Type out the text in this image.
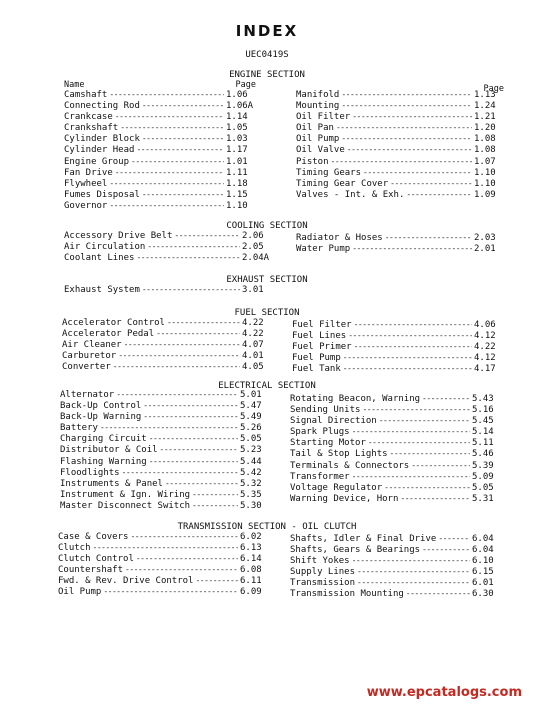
INDEX
UEC0419S
ENGINE SECTION
Name	Page
Camshaft -----	1.06
Connecting Rod -----	1.06A
Crankcase -----	1.14
Crankshaft -----	1.05
Cylinder Block -----	1.03
Cylinder Head -----	1.17
Engine Group -----	1.01
Fan Drive -----	1.11
Flywheel -----	1.18
Fumes Disposal -----	1.15
Governor -----	1.10
Page
Manifold -----	1.13
Mounting -----	1.24
Oil Filter -----	1.21
Oil Pan -----	1.20
Oil Pump -----	1.08
Oil Valve -----	1.08
Piston -----	1.07
Timing Gears -----	1.10
Timing Gear Cover -----	1.10
Valves - Int. & Exh. -----	1.09
COOLING SECTION
Accessory Drive Belt -----	2.06
Air Circulation -----	2.05
Coolant Lines -----	2.04A
Radiator & Hoses -----	2.03
Water Pump -----	2.01
EXHAUST SECTION
Exhaust System -----	3.01
FUEL SECTION
Accelerator Control -----	4.22
Accelerator Pedal -----	4.22
Air Cleaner -----	4.07
Carburetor -----	4.01
Converter -----	4.05
Fuel Filter -----	4.06
Fuel Lines -----	4.12
Fuel Primer -----	4.22
Fuel Pump -----	4.12
Fuel Tank -----	4.17
ELECTRICAL SECTION
Alternator -----	5.01
Back-Up Control -----	5.47
Back-Up Warning -----	5.49
Battery -----	5.26
Charging Circuit -----	5.05
Distributor & Coil -----	5.23
Flashing Warning -----	5.44
Floodlights -----	5.42
Instruments & Panel -----	5.32
Instrument & Ign. Wiring -----	5.35
Master Disconnect Switch -----	5.30
Rotating Beacon, Warning -----	5.43
Sending Units -----	5.16
Signal Direction -----	5.45
Spark Plugs -----	5.14
Starting Motor -----	5.11
Tail & Stop Lights -----	5.46
Terminals & Connectors -----	5.39
Transformer -----	5.09
Voltage Regulator -----	5.05
Warning Device, Horn -----	5.31
TRANSMISSION SECTION - OIL CLUTCH
Case & Covers -----	6.02
Clutch -----	6.13
Clutch Control -----	6.14
Countershaft -----	6.08
Fwd. & Rev. Drive Control -----	6.11
Oil Pump -----	6.09
Shafts, Idler & Final Drive -----	6.04
Shafts, Gears & Bearings -----	6.04
Shift Yokes -----	6.10
Supply Lines -----	6.15
Transmission -----	6.01
Transmission Mounting -----	6.30
www.epcatalogs.com
